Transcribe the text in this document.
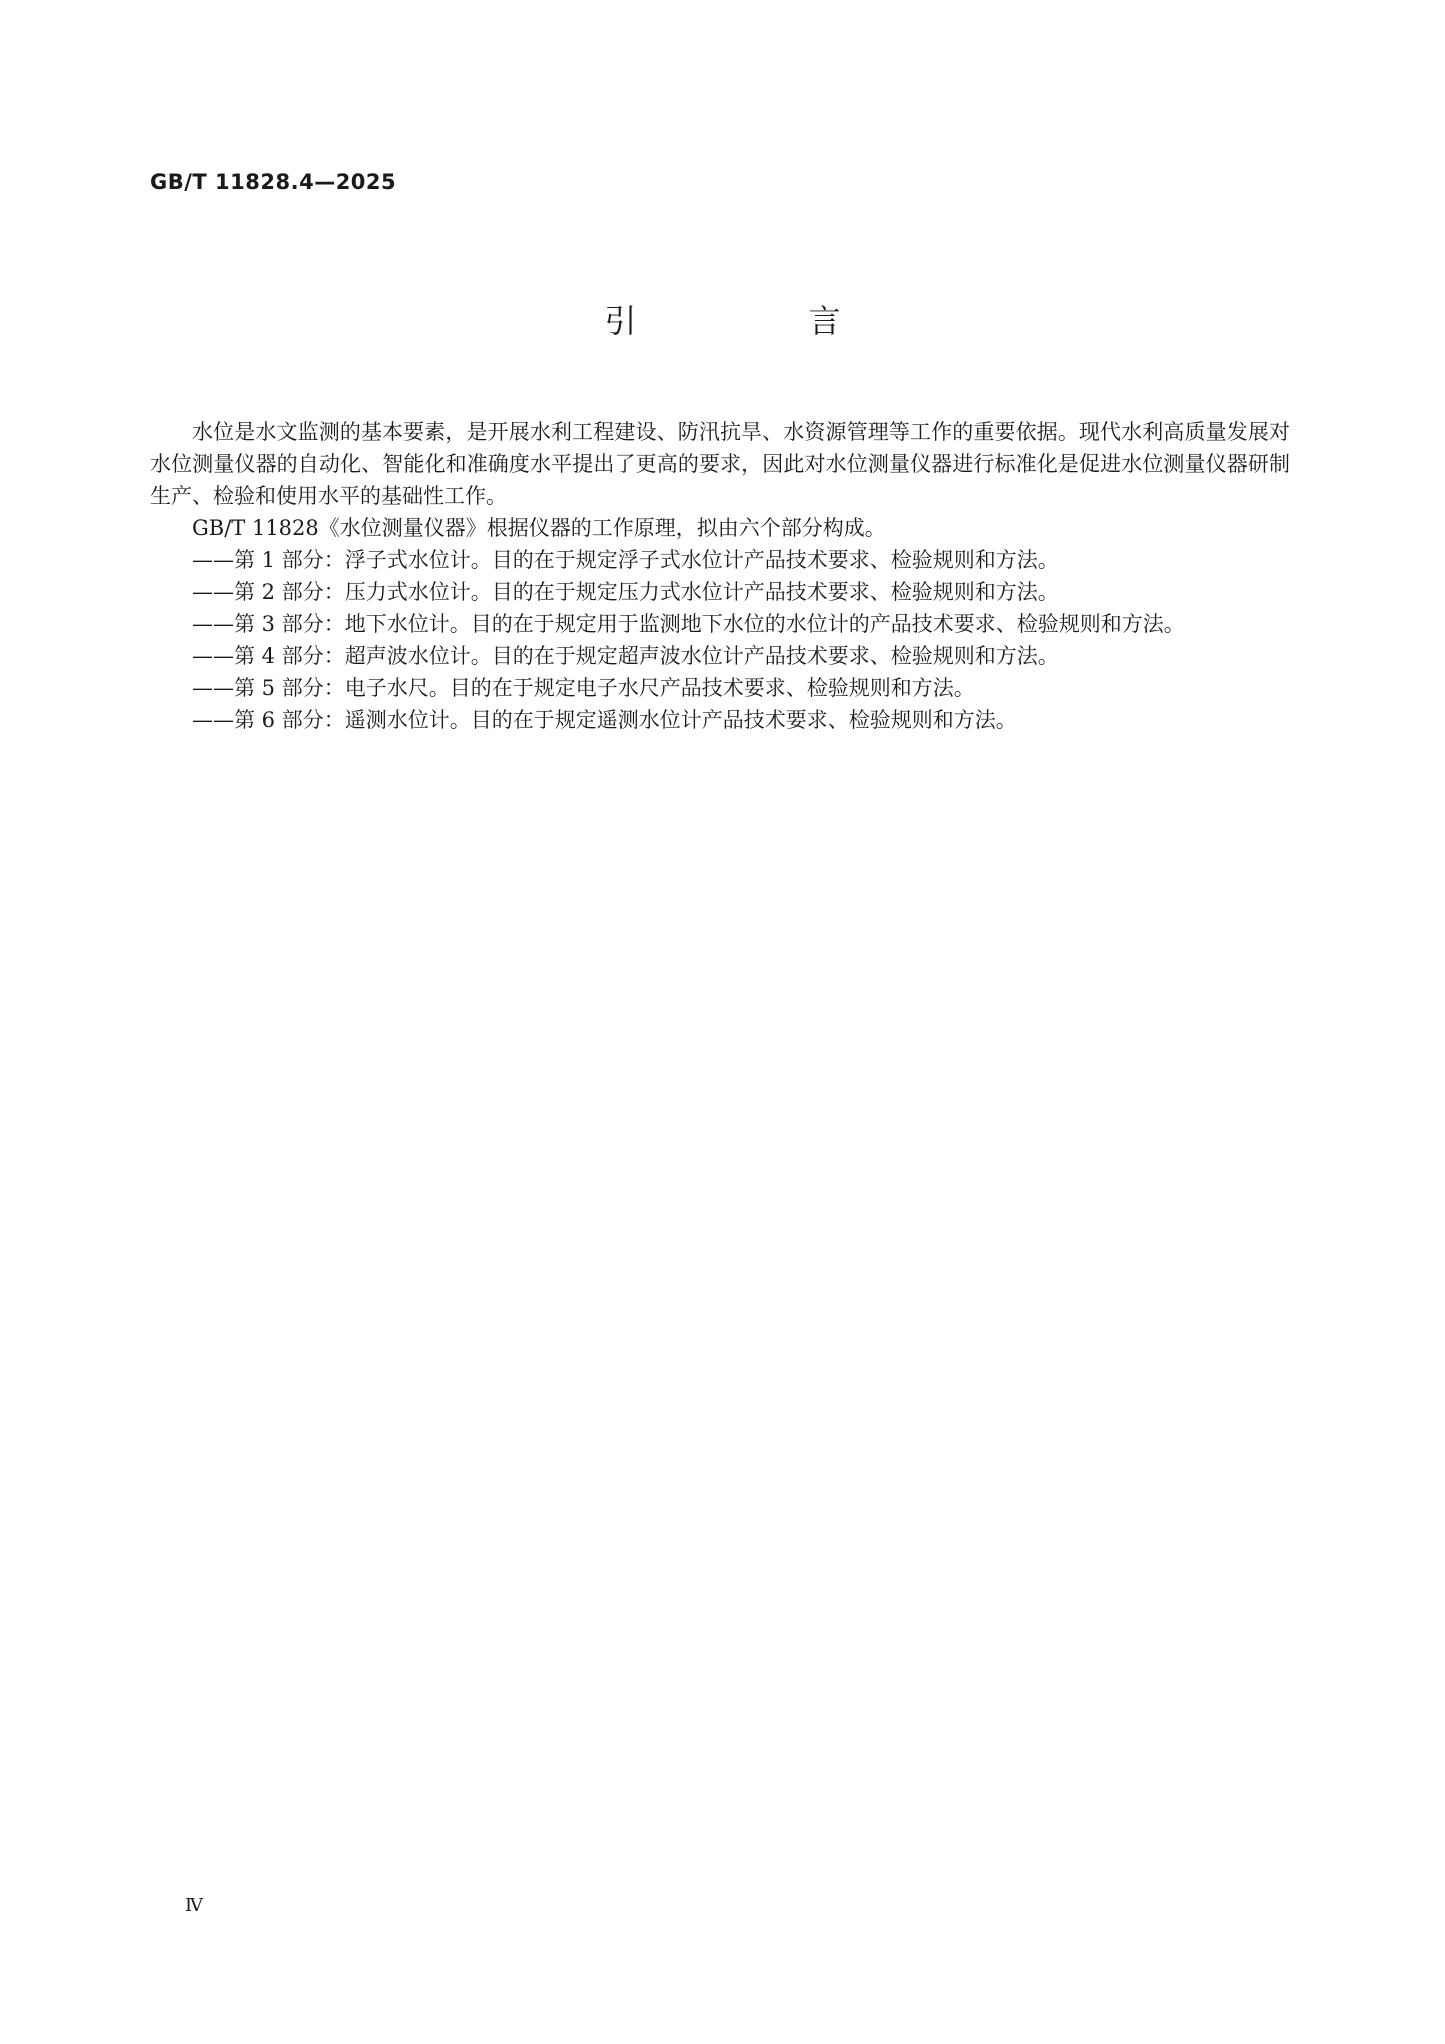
GB/T 11828.4—2025
引　言

水位是水文监测的基本要素，是开展水利工程建设、防汛抗旱、水资源管理等工作的重要依据。现代水利高质量发展对水位测量仪器的自动化、智能化和准确度水平提出了更高的要求，因此对水位测量仪器进行标准化是促进水位测量仪器研制生产、检验和使用水平的基础性工作。

GB/T 11828《水位测量仪器》根据仪器的工作原理，拟由六个部分构成。

——第 1 部分：浮子式水位计。目的在于规定浮子式水位计产品技术要求、检验规则和方法。

——第 2 部分：压力式水位计。目的在于规定压力式水位计产品技术要求、检验规则和方法。

——第 3 部分：地下水位计。目的在于规定用于监测地下水位的水位计的产品技术要求、检验规则和方法。

——第 4 部分：超声波水位计。目的在于规定超声波水位计产品技术要求、检验规则和方法。

——第 5 部分：电子水尺。目的在于规定电子水尺产品技术要求、检验规则和方法。

——第 6 部分：遥测水位计。目的在于规定遥测水位计产品技术要求、检验规则和方法。

Ⅳ
